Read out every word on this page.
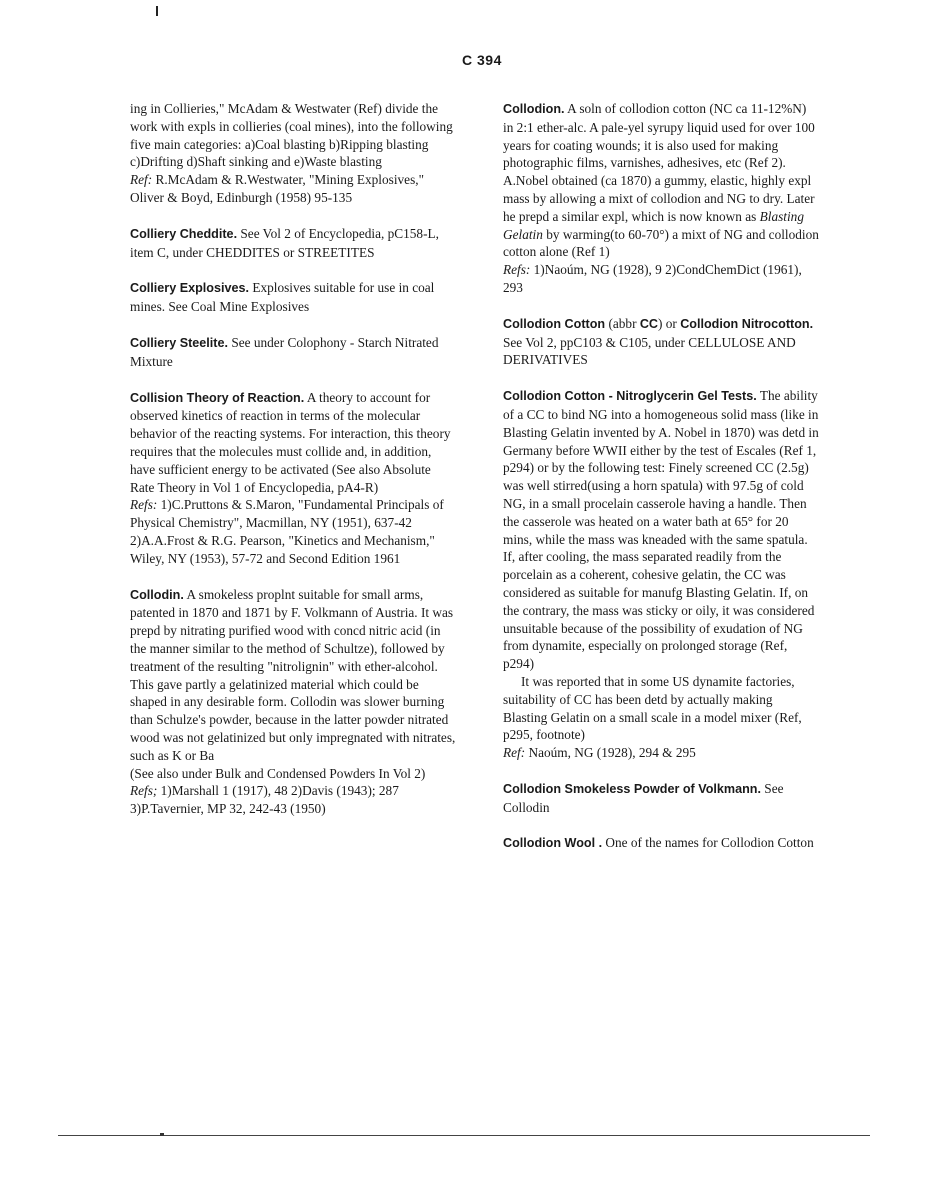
C 394

ing in Collieries," McAdam & Westwater (Ref) divide the work with expls in collieries (coal mines), into the following five main categories: a)Coal blasting b)Ripping blasting c)Drifting d)Shaft sinking and e)Waste blasting

Ref: R.McAdam & R.Westwater, "Mining Explosives," Oliver & Boyd, Edinburgh (1958) 95-135

Colliery Cheddite. See Vol 2 of Encyclopedia, pC158-L, item C, under CHEDDITES or STREETITES

Colliery Explosives. Explosives suitable for use in coal mines. See Coal Mine Explosives

Colliery Steelite. See under Colophony - Starch Nitrated Mixture

Collision Theory of Reaction. A theory to account for observed kinetics of reaction in terms of the molecular behavior of the reacting systems. For interaction, this theory requires that the molecules must collide and, in addition, have sufficient energy to be activated (See also Absolute Rate Theory in Vol 1 of Encyclopedia, pA4-R)

Refs: 1)C.Pruttons & S.Maron, "Fundamental Principals of Physical Chemistry", Macmillan, NY (1951), 637-42 2)A.A.Frost & R.G. Pearson, "Kinetics and Mechanism," Wiley, NY (1953), 57-72 and Second Edition 1961

Collodin. A smokeless proplnt suitable for small arms, patented in 1870 and 1871 by F. Volkmann of Austria. It was prepd by nitrating purified wood with concd nitric acid (in the manner similar to the method of Schultze), followed by treatment of the resulting "nitrolignin" with ether-alcohol. This gave partly a gelatinized material which could be shaped in any desirable form. Collodin was slower burning than Schulze's powder, because in the latter powder nitrated wood was not gelatinized but only impregnated with nitrates, such as K or Ba

(See also under Bulk and Condensed Powders In Vol 2)

Refs; 1)Marshall 1 (1917), 48 2)Davis (1943); 287 3)P.Tavernier, MP 32, 242-43 (1950)

Collodion. A soln of collodion cotton (NC ca 11-12%N) in 2:1 ether-alc. A pale-yel syrupy liquid used for over 100 years for coating wounds; it is also used for making photographic films, varnishes, adhesives, etc (Ref 2). A.Nobel obtained (ca 1870) a gummy, elastic, highly expl mass by allowing a mixt of collodion and NG to dry. Later he prepd a similar expl, which is now known as Blasting Gelatin by warming(to 60-70°) a mixt of NG and collodion cotton alone (Ref 1)

Refs: 1)Naoúm, NG (1928), 9 2)CondChemDict (1961), 293

Collodion Cotton (abbr CC) or Collodion Nitrocotton. See Vol 2, ppC103 & C105, under CELLULOSE AND DERIVATIVES

Collodion Cotton - Nitroglycerin Gel Tests. The ability of a CC to bind NG into a homogeneous solid mass (like in Blasting Gelatin invented by A. Nobel in 1870) was detd in Germany before WWII either by the test of Escales (Ref 1, p294) or by the following test: Finely screened CC (2.5g) was well stirred(using a horn spatula) with 97.5g of cold NG, in a small procelain casserole having a handle. Then the casserole was heated on a water bath at 65° for 20 mins, while the mass was kneaded with the same spatula. If, after cooling, the mass separated readily from the porcelain as a coherent, cohesive gelatin, the CC was considered as suitable for manufg Blasting Gelatin. If, on the contrary, the mass was sticky or oily, it was considered unsuitable because of the possibility of exudation of NG from dynamite, especially on prolonged storage (Ref, p294)

It was reported that in some US dynamite factories, suitability of CC has been detd by actually making Blasting Gelatin on a small scale in a model mixer (Ref, p295, footnote)

Ref: Naoúm, NG (1928), 294 & 295

Collodion Smokeless Powder of Volkmann. See Collodin

Collodion Wool . One of the names for Collodion Cotton
